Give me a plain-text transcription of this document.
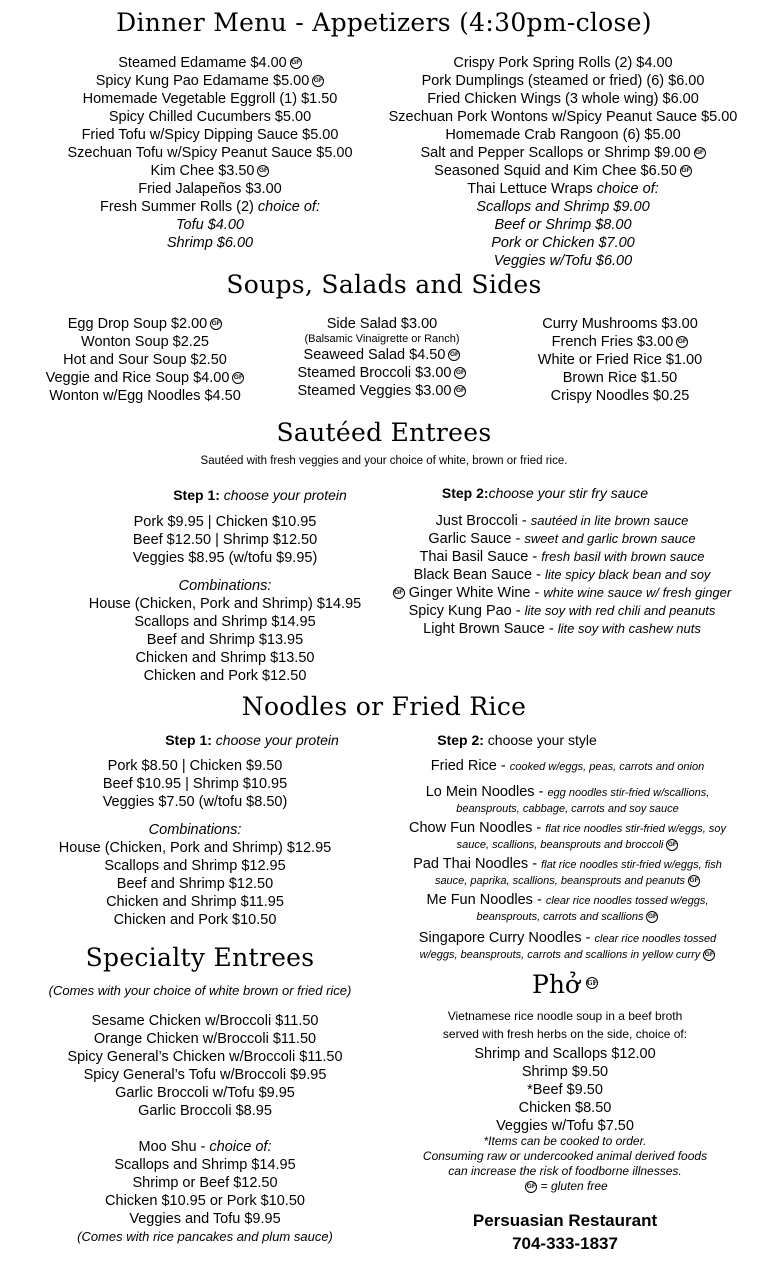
Dinner Menu - Appetizers (4:30pm-close)
Steamed Edamame $4.00 GF
Spicy Kung Pao Edamame $5.00 GF
Homemade Vegetable Eggroll (1) $1.50
Spicy Chilled Cucumbers $5.00
Fried Tofu w/Spicy Dipping Sauce $5.00
Szechuan Tofu w/Spicy Peanut Sauce $5.00
Kim Chee $3.50 GF
Fried Jalapeños $3.00
Fresh Summer Rolls (2) choice of:
Tofu $4.00
Shrimp $6.00
Crispy Pork Spring Rolls (2) $4.00
Pork Dumplings (steamed or fried) (6) $6.00
Fried Chicken Wings (3 whole wing) $6.00
Szechuan Pork Wontons w/Spicy Peanut Sauce $5.00
Homemade Crab Rangoon (6) $5.00
Salt and Pepper Scallops or Shrimp $9.00 GF
Seasoned Squid and Kim Chee $6.50 GF
Thai Lettuce Wraps choice of:
Scallops and Shrimp $9.00
Beef or Shrimp $8.00
Pork or Chicken $7.00
Veggies w/Tofu $6.00
Soups, Salads and Sides
Egg Drop Soup $2.00 GF
Wonton Soup $2.25
Hot and Sour Soup $2.50
Veggie and Rice Soup $4.00 GF
Wonton w/Egg Noodles $4.50
Side Salad $3.00
(Balsamic Vinaigrette or Ranch)
Seaweed Salad $4.50 GF
Steamed Broccoli $3.00 GF
Steamed Veggies $3.00 GF
Curry Mushrooms $3.00
French Fries $3.00 GF
White or Fried Rice $1.00
Brown Rice $1.50
Crispy Noodles $0.25
Sautéed Entrees
Sautéed with fresh veggies and your choice of white, brown or fried rice.
Step 1: choose your protein
Pork $9.95 | Chicken $10.95
Beef $12.50 | Shrimp $12.50
Veggies $8.95 (w/tofu $9.95)
Combinations:
House (Chicken, Pork and Shrimp) $14.95
Scallops and Shrimp $14.95
Beef and Shrimp $13.95
Chicken and Shrimp $13.50
Chicken and Pork $12.50
Step 2:choose your stir fry sauce
Just Broccoli - sautéed in lite brown sauce
Garlic Sauce - sweet and garlic brown sauce
Thai Basil Sauce - fresh basil with brown sauce
Black Bean Sauce - lite spicy black bean and soy
GF Ginger White Wine - white wine sauce w/ fresh ginger
Spicy Kung Pao - lite soy with red chili and peanuts
Light Brown Sauce - lite soy with cashew nuts
Noodles or Fried Rice
Step 1: choose your protein
Pork $8.50 | Chicken $9.50
Beef $10.95 | Shrimp $10.95
Veggies $7.50 (w/tofu $8.50)
Combinations:
House (Chicken, Pork and Shrimp) $12.95
Scallops and Shrimp $12.95
Beef and Shrimp $12.50
Chicken and Shrimp $11.95
Chicken and Pork $10.50
Step 2: choose your style
Fried Rice - cooked w/eggs, peas, carrots and onion
Lo Mein Noodles - egg noodles stir-fried w/scallions,
beansprouts, cabbage, carrots and soy sauce
Chow Fun Noodles - flat rice noodles stir-fried w/eggs, soy
sauce, scallions, beansprouts and broccoli GF
Pad Thai Noodles - flat rice noodles stir-fried w/eggs, fish
sauce, paprika, scallions, beansprouts and peanuts GF
Me Fun Noodles - clear rice noodles tossed w/eggs,
beansprouts, carrots and scallions GF
Singapore Curry Noodles - clear rice noodles tossed
w/eggs, beansprouts, carrots and scallions in yellow curry GF
Specialty Entrees
(Comes with your choice of white brown or fried rice)
Sesame Chicken w/Broccoli $11.50
Orange Chicken w/Broccoli $11.50
Spicy General’s Chicken w/Broccoli $11.50
Spicy General’s Tofu w/Broccoli $9.95
Garlic Broccoli w/Tofu $9.95
Garlic Broccoli $8.95
Moo Shu - choice of:
Scallops and Shrimp $14.95
Shrimp or Beef $12.50
Chicken $10.95 or Pork $10.50
Veggies and Tofu $9.95
(Comes with rice pancakes and plum sauce)
Phở GF
Vietnamese rice noodle soup in a beef broth
served with fresh herbs on the side, choice of:
Shrimp and Scallops $12.00
Shrimp $9.50
*Beef $9.50
Chicken $8.50
Veggies w/Tofu $7.50
*Items can be cooked to order.
Consuming raw or undercooked animal derived foods
can increase the risk of foodborne illnesses.
GF = gluten free
Persuasian Restaurant
704-333-1837
